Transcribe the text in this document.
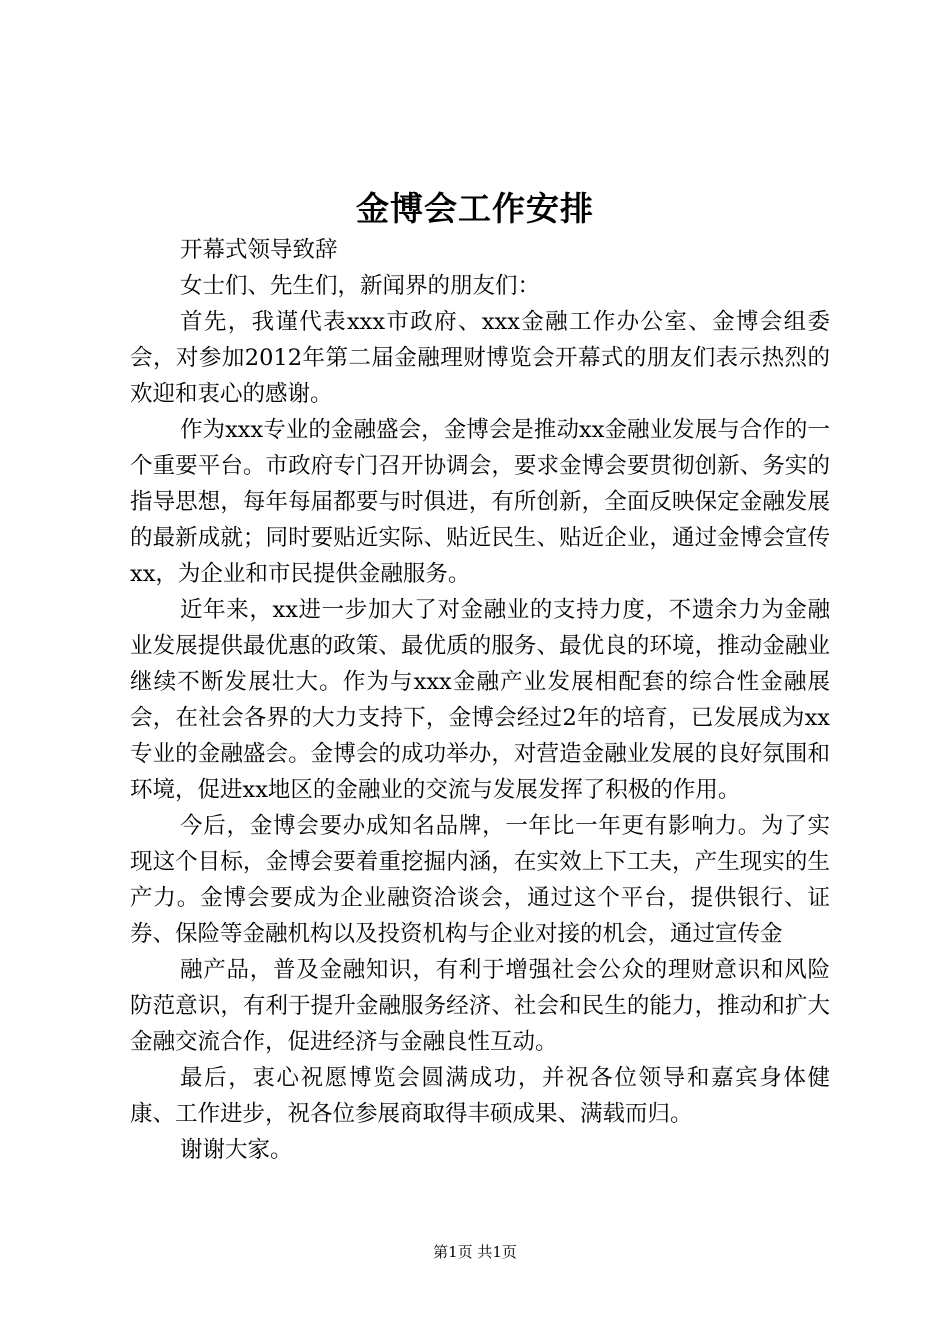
金博会工作安排

开幕式领导致辞

女士们、先生们，新闻界的朋友们：

首先，我谨代表xxx市政府、xxx金融工作办公室、金博会组委会，对参加2012年第二届金融理财博览会开幕式的朋友们表示热烈的欢迎和衷心的感谢。

作为xxx专业的金融盛会，金博会是推动xx金融业发展与合作的一个重要平台。市政府专门召开协调会，要求金博会要贯彻创新、务实的指导思想，每年每届都要与时俱进，有所创新，全面反映保定金融发展的最新成就；同时要贴近实际、贴近民生、贴近企业，通过金博会宣传xx，为企业和市民提供金融服务。

近年来，xx进一步加大了对金融业的支持力度，不遗余力为金融业发展提供最优惠的政策、最优质的服务、最优良的环境，推动金融业继续不断发展壮大。作为与xxx金融产业发展相配套的综合性金融展会，在社会各界的大力支持下，金博会经过2年的培育，已发展成为xx专业的金融盛会。金博会的成功举办，对营造金融业发展的良好氛围和环境，促进xx地区的金融业的交流与发展发挥了积极的作用。

今后，金博会要办成知名品牌，一年比一年更有影响力。为了实现这个目标，金博会要着重挖掘内涵，在实效上下工夫，产生现实的生产力。金博会要成为企业融资洽谈会，通过这个平台，提供银行、证券、保险等金融机构以及投资机构与企业对接的机会，通过宣传金

融产品，普及金融知识，有利于增强社会公众的理财意识和风险防范意识，有利于提升金融服务经济、社会和民生的能力，推动和扩大金融交流合作，促进经济与金融良性互动。

最后，衷心祝愿博览会圆满成功，并祝各位领导和嘉宾身体健康、工作进步，祝各位参展商取得丰硕成果、满载而归。

谢谢大家。

第1页 共1页
